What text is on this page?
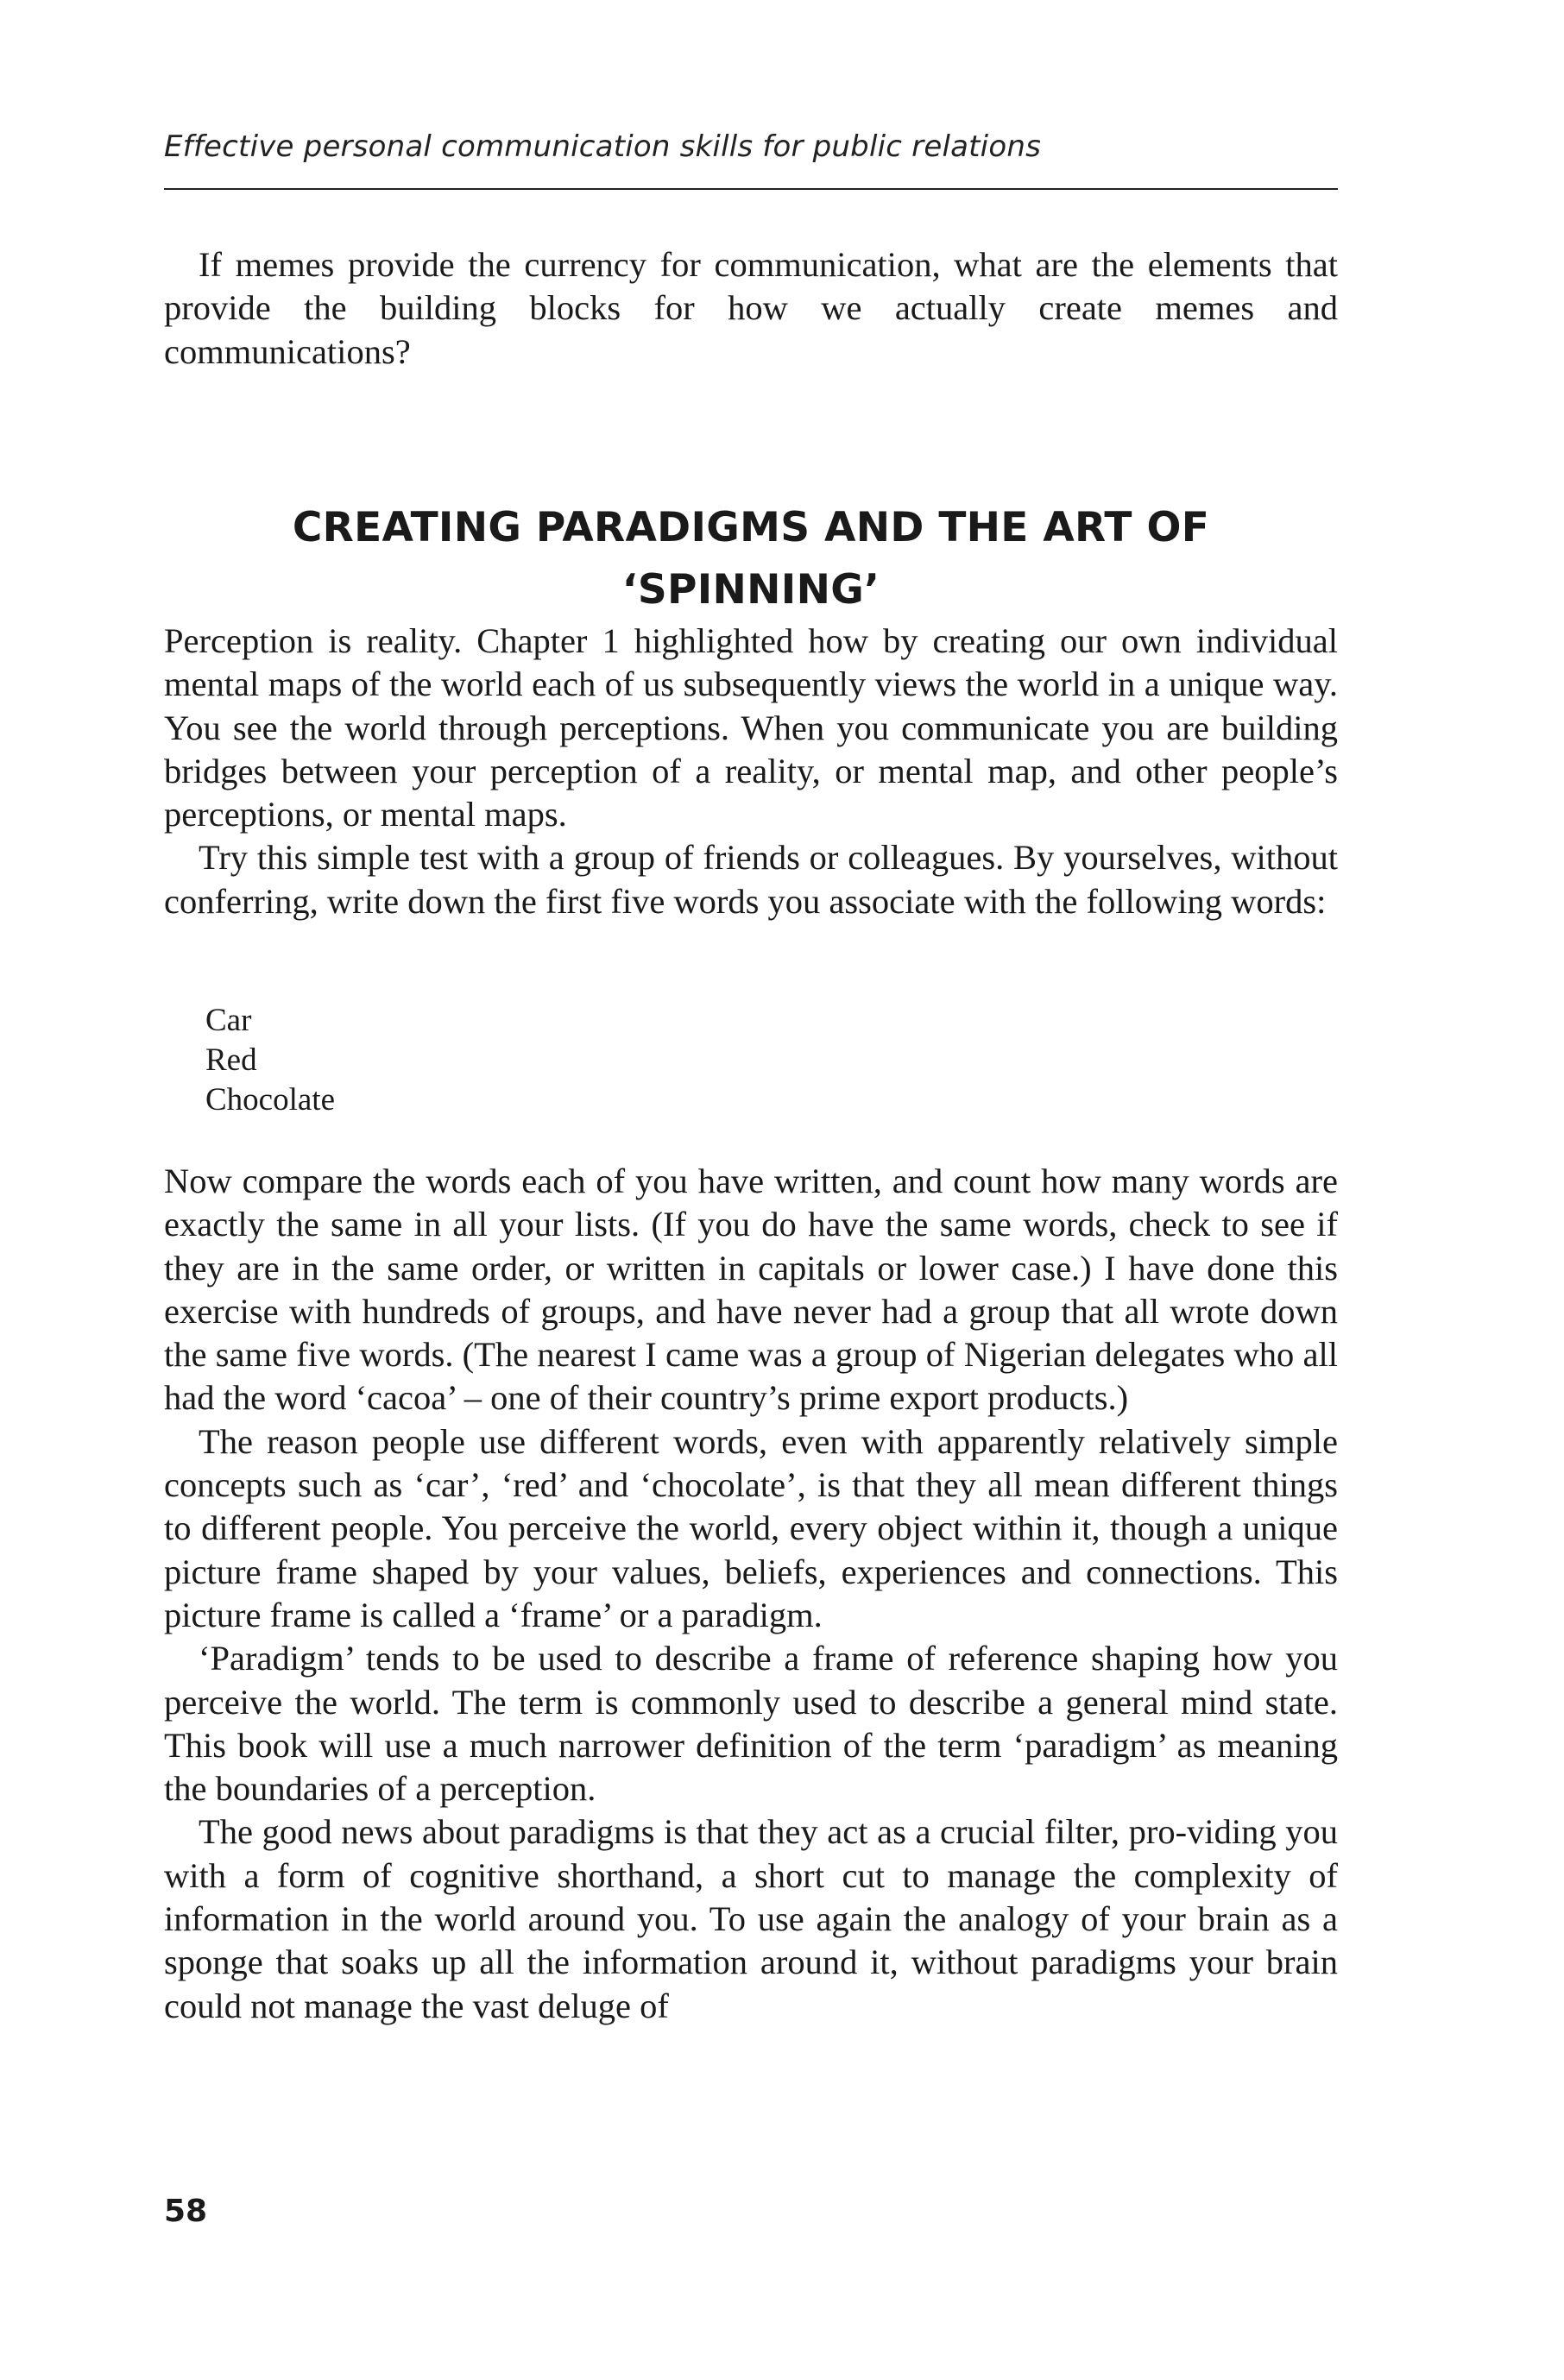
Effective personal communication skills for public relations

If memes provide the currency for communication, what are the elements that provide the building blocks for how we actually create memes and communications?

CREATING PARADIGMS AND THE ART OF
‘SPINNING’

Perception is reality. Chapter 1 highlighted how by creating our own individual mental maps of the world each of us subsequently views the world in a unique way. You see the world through perceptions. When you communicate you are building bridges between your perception of a reality, or mental map, and other people’s perceptions, or mental maps.

Try this simple test with a group of friends or colleagues. By yourselves, without conferring, write down the first five words you associate with the following words:

Car
Red
Chocolate

Now compare the words each of you have written, and count how many words are exactly the same in all your lists. (If you do have the same words, check to see if they are in the same order, or written in capitals or lower case.) I have done this exercise with hundreds of groups, and have never had a group that all wrote down the same five words. (The nearest I came was a group of Nigerian delegates who all had the word ‘cacoa’ – one of their country’s prime export products.)

The reason people use different words, even with apparently relatively simple concepts such as ‘car’, ‘red’ and ‘chocolate’, is that they all mean different things to different people. You perceive the world, every object within it, though a unique picture frame shaped by your values, beliefs, experiences and connections. This picture frame is called a ‘frame’ or a paradigm.

‘Paradigm’ tends to be used to describe a frame of reference shaping how you perceive the world. The term is commonly used to describe a general mind state. This book will use a much narrower definition of the term ‘paradigm’ as meaning the boundaries of a perception.

The good news about paradigms is that they act as a crucial filter, pro-viding you with a form of cognitive shorthand, a short cut to manage the complexity of information in the world around you. To use again the analogy of your brain as a sponge that soaks up all the information around it, without paradigms your brain could not manage the vast deluge of

58
